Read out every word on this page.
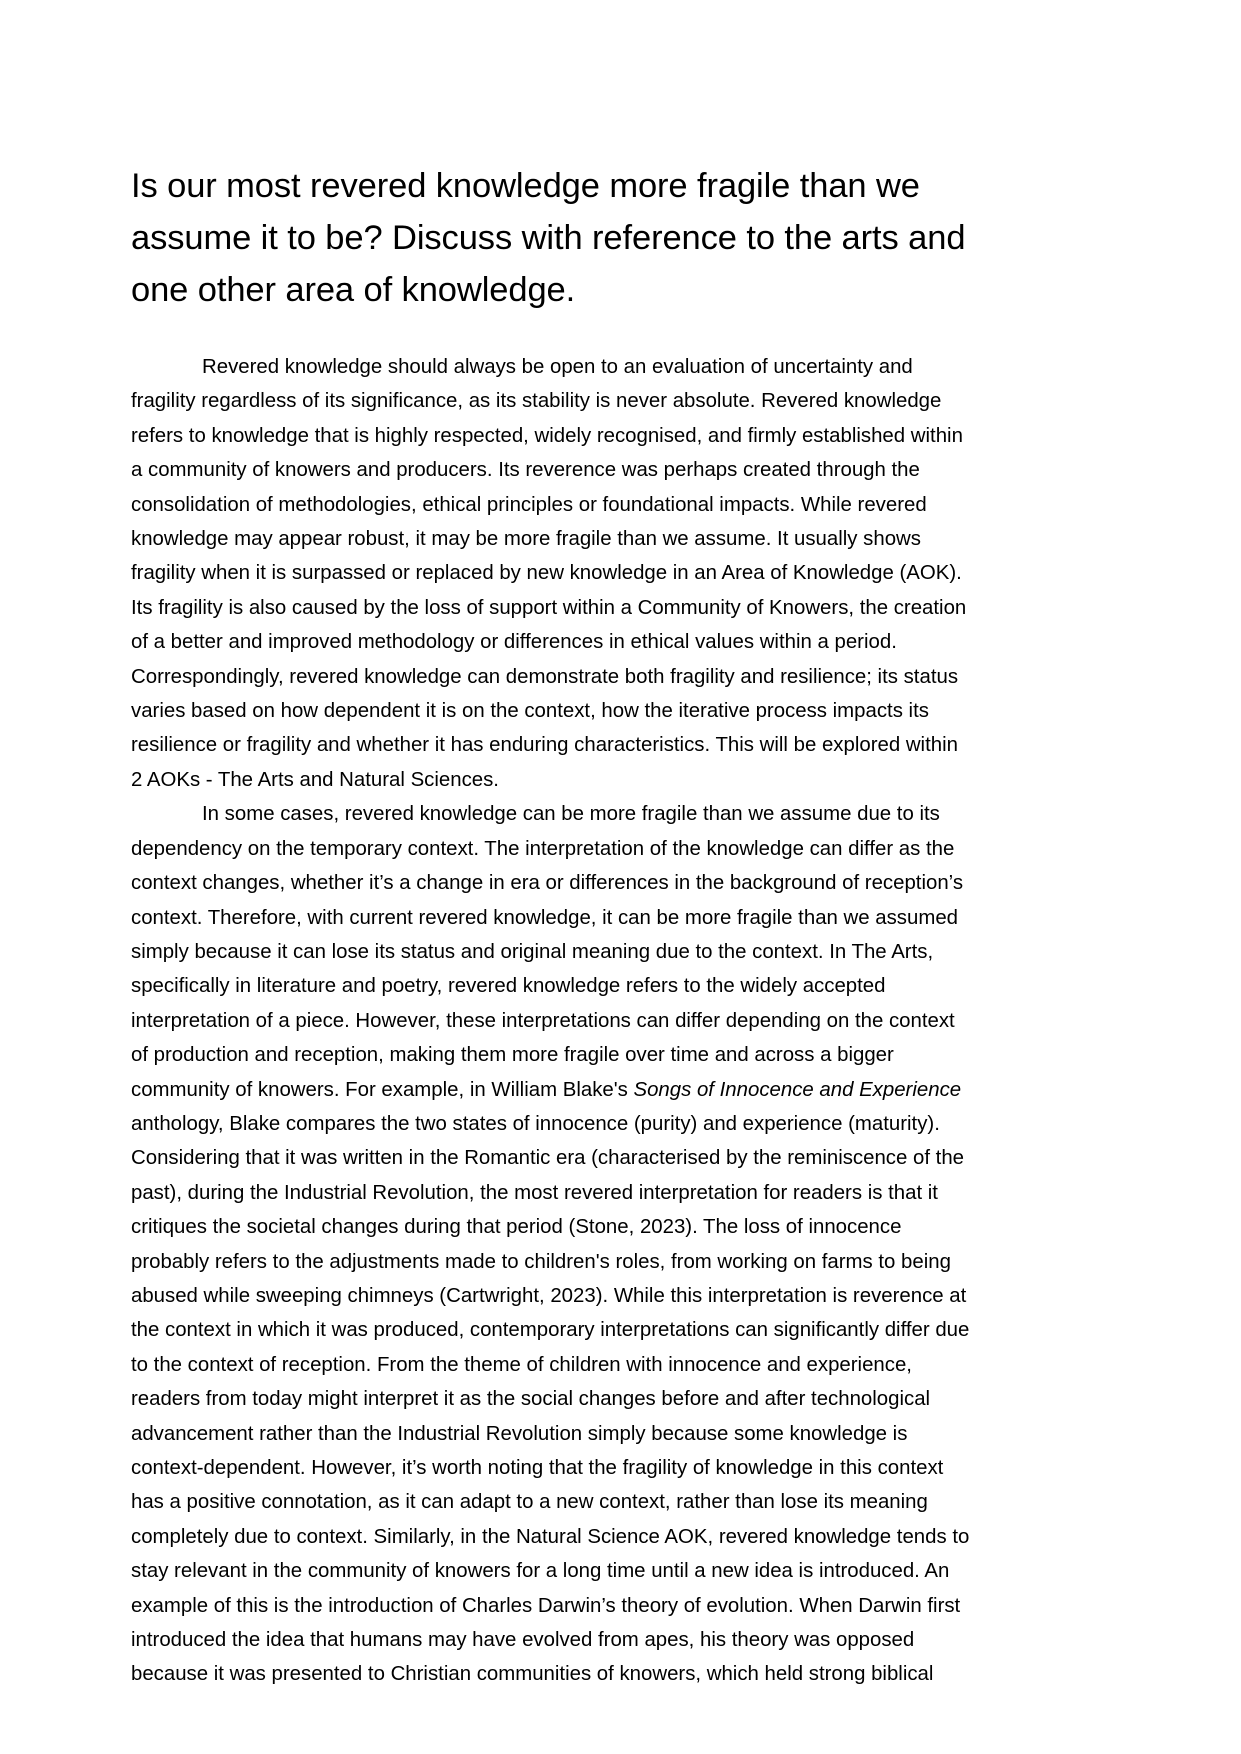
Is our most revered knowledge more fragile than we assume it to be? Discuss with reference to the arts and one other area of knowledge.

Revered knowledge should always be open to an evaluation of uncertainty and fragility regardless of its significance, as its stability is never absolute. Revered knowledge refers to knowledge that is highly respected, widely recognised, and firmly established within a community of knowers and producers. Its reverence was perhaps created through the consolidation of methodologies, ethical principles or foundational impacts. While revered knowledge may appear robust, it may be more fragile than we assume. It usually shows fragility when it is surpassed or replaced by new knowledge in an Area of Knowledge (AOK). Its fragility is also caused by the loss of support within a Community of Knowers, the creation of a better and improved methodology or differences in ethical values within a period. Correspondingly, revered knowledge can demonstrate both fragility and resilience; its status varies based on how dependent it is on the context, how the iterative process impacts its resilience or fragility and whether it has enduring characteristics. This will be explored within 2 AOKs - The Arts and Natural Sciences.

In some cases, revered knowledge can be more fragile than we assume due to its dependency on the temporary context. The interpretation of the knowledge can differ as the context changes, whether it’s a change in era or differences in the background of reception’s context. Therefore, with current revered knowledge, it can be more fragile than we assumed simply because it can lose its status and original meaning due to the context. In The Arts, specifically in literature and poetry, revered knowledge refers to the widely accepted interpretation of a piece. However, these interpretations can differ depending on the context of production and reception, making them more fragile over time and across a bigger community of knowers. For example, in William Blake's Songs of Innocence and Experience anthology, Blake compares the two states of innocence (purity) and experience (maturity). Considering that it was written in the Romantic era (characterised by the reminiscence of the past), during the Industrial Revolution, the most revered interpretation for readers is that it critiques the societal changes during that period (Stone, 2023). The loss of innocence probably refers to the adjustments made to children's roles, from working on farms to being abused while sweeping chimneys (Cartwright, 2023). While this interpretation is reverence at the context in which it was produced, contemporary interpretations can significantly differ due to the context of reception. From the theme of children with innocence and experience, readers from today might interpret it as the social changes before and after technological advancement rather than the Industrial Revolution simply because some knowledge is context-dependent. However, it’s worth noting that the fragility of knowledge in this context has a positive connotation, as it can adapt to a new context, rather than lose its meaning completely due to context. Similarly, in the Natural Science AOK, revered knowledge tends to stay relevant in the community of knowers for a long time until a new idea is introduced. An example of this is the introduction of Charles Darwin’s theory of evolution. When Darwin first introduced the idea that humans may have evolved from apes, his theory was opposed because it was presented to Christian communities of knowers, which held strong biblical
